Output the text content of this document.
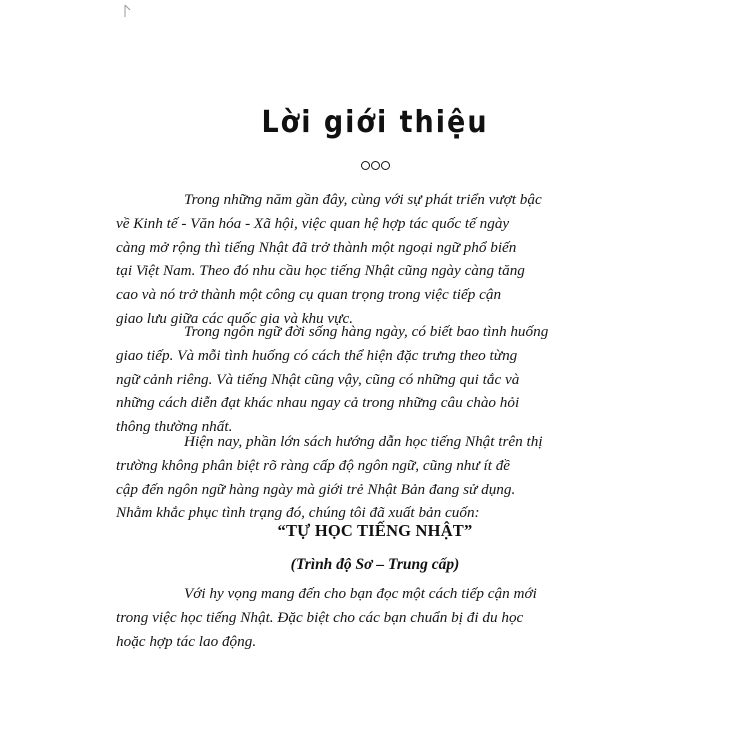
Lời giới thiệu
Trong những năm gần đây, cùng với sự phát triển vượt bậc
về Kinh tế - Văn hóa - Xã hội, việc quan hệ hợp tác quốc tế ngày
càng mở rộng thì tiếng Nhật đã trở thành một ngoại ngữ phổ biến
tại Việt Nam. Theo đó nhu cầu học tiếng Nhật cũng ngày càng tăng
cao và nó trở thành một công cụ quan trọng trong việc tiếp cận
giao lưu giữa các quốc gia và khu vực.
Trong ngôn ngữ đời sống hàng ngày, có biết bao tình huống
giao tiếp. Và mỗi tình huống có cách thể hiện đặc trưng theo từng
ngữ cảnh riêng. Và tiếng Nhật cũng vậy, cũng có những qui tắc và
những cách diễn đạt khác nhau ngay cả trong những câu chào hỏi
thông thường nhất.
Hiện nay, phần lớn sách hướng dẫn học tiếng Nhật trên thị
trường không phân biệt rõ ràng cấp độ ngôn ngữ, cũng như ít đề
cập đến ngôn ngữ hàng ngày mà giới trẻ Nhật Bản đang sử dụng.
Nhằm khắc phục tình trạng đó, chúng tôi đã xuất bản cuốn:
“TỰ HỌC TIẾNG NHẬT”
(Trình độ Sơ – Trung cấp)
Với hy vọng mang đến cho bạn đọc một cách tiếp cận mới
trong việc học tiếng Nhật. Đặc biệt cho các bạn chuẩn bị đi du học
hoặc hợp tác lao động.
